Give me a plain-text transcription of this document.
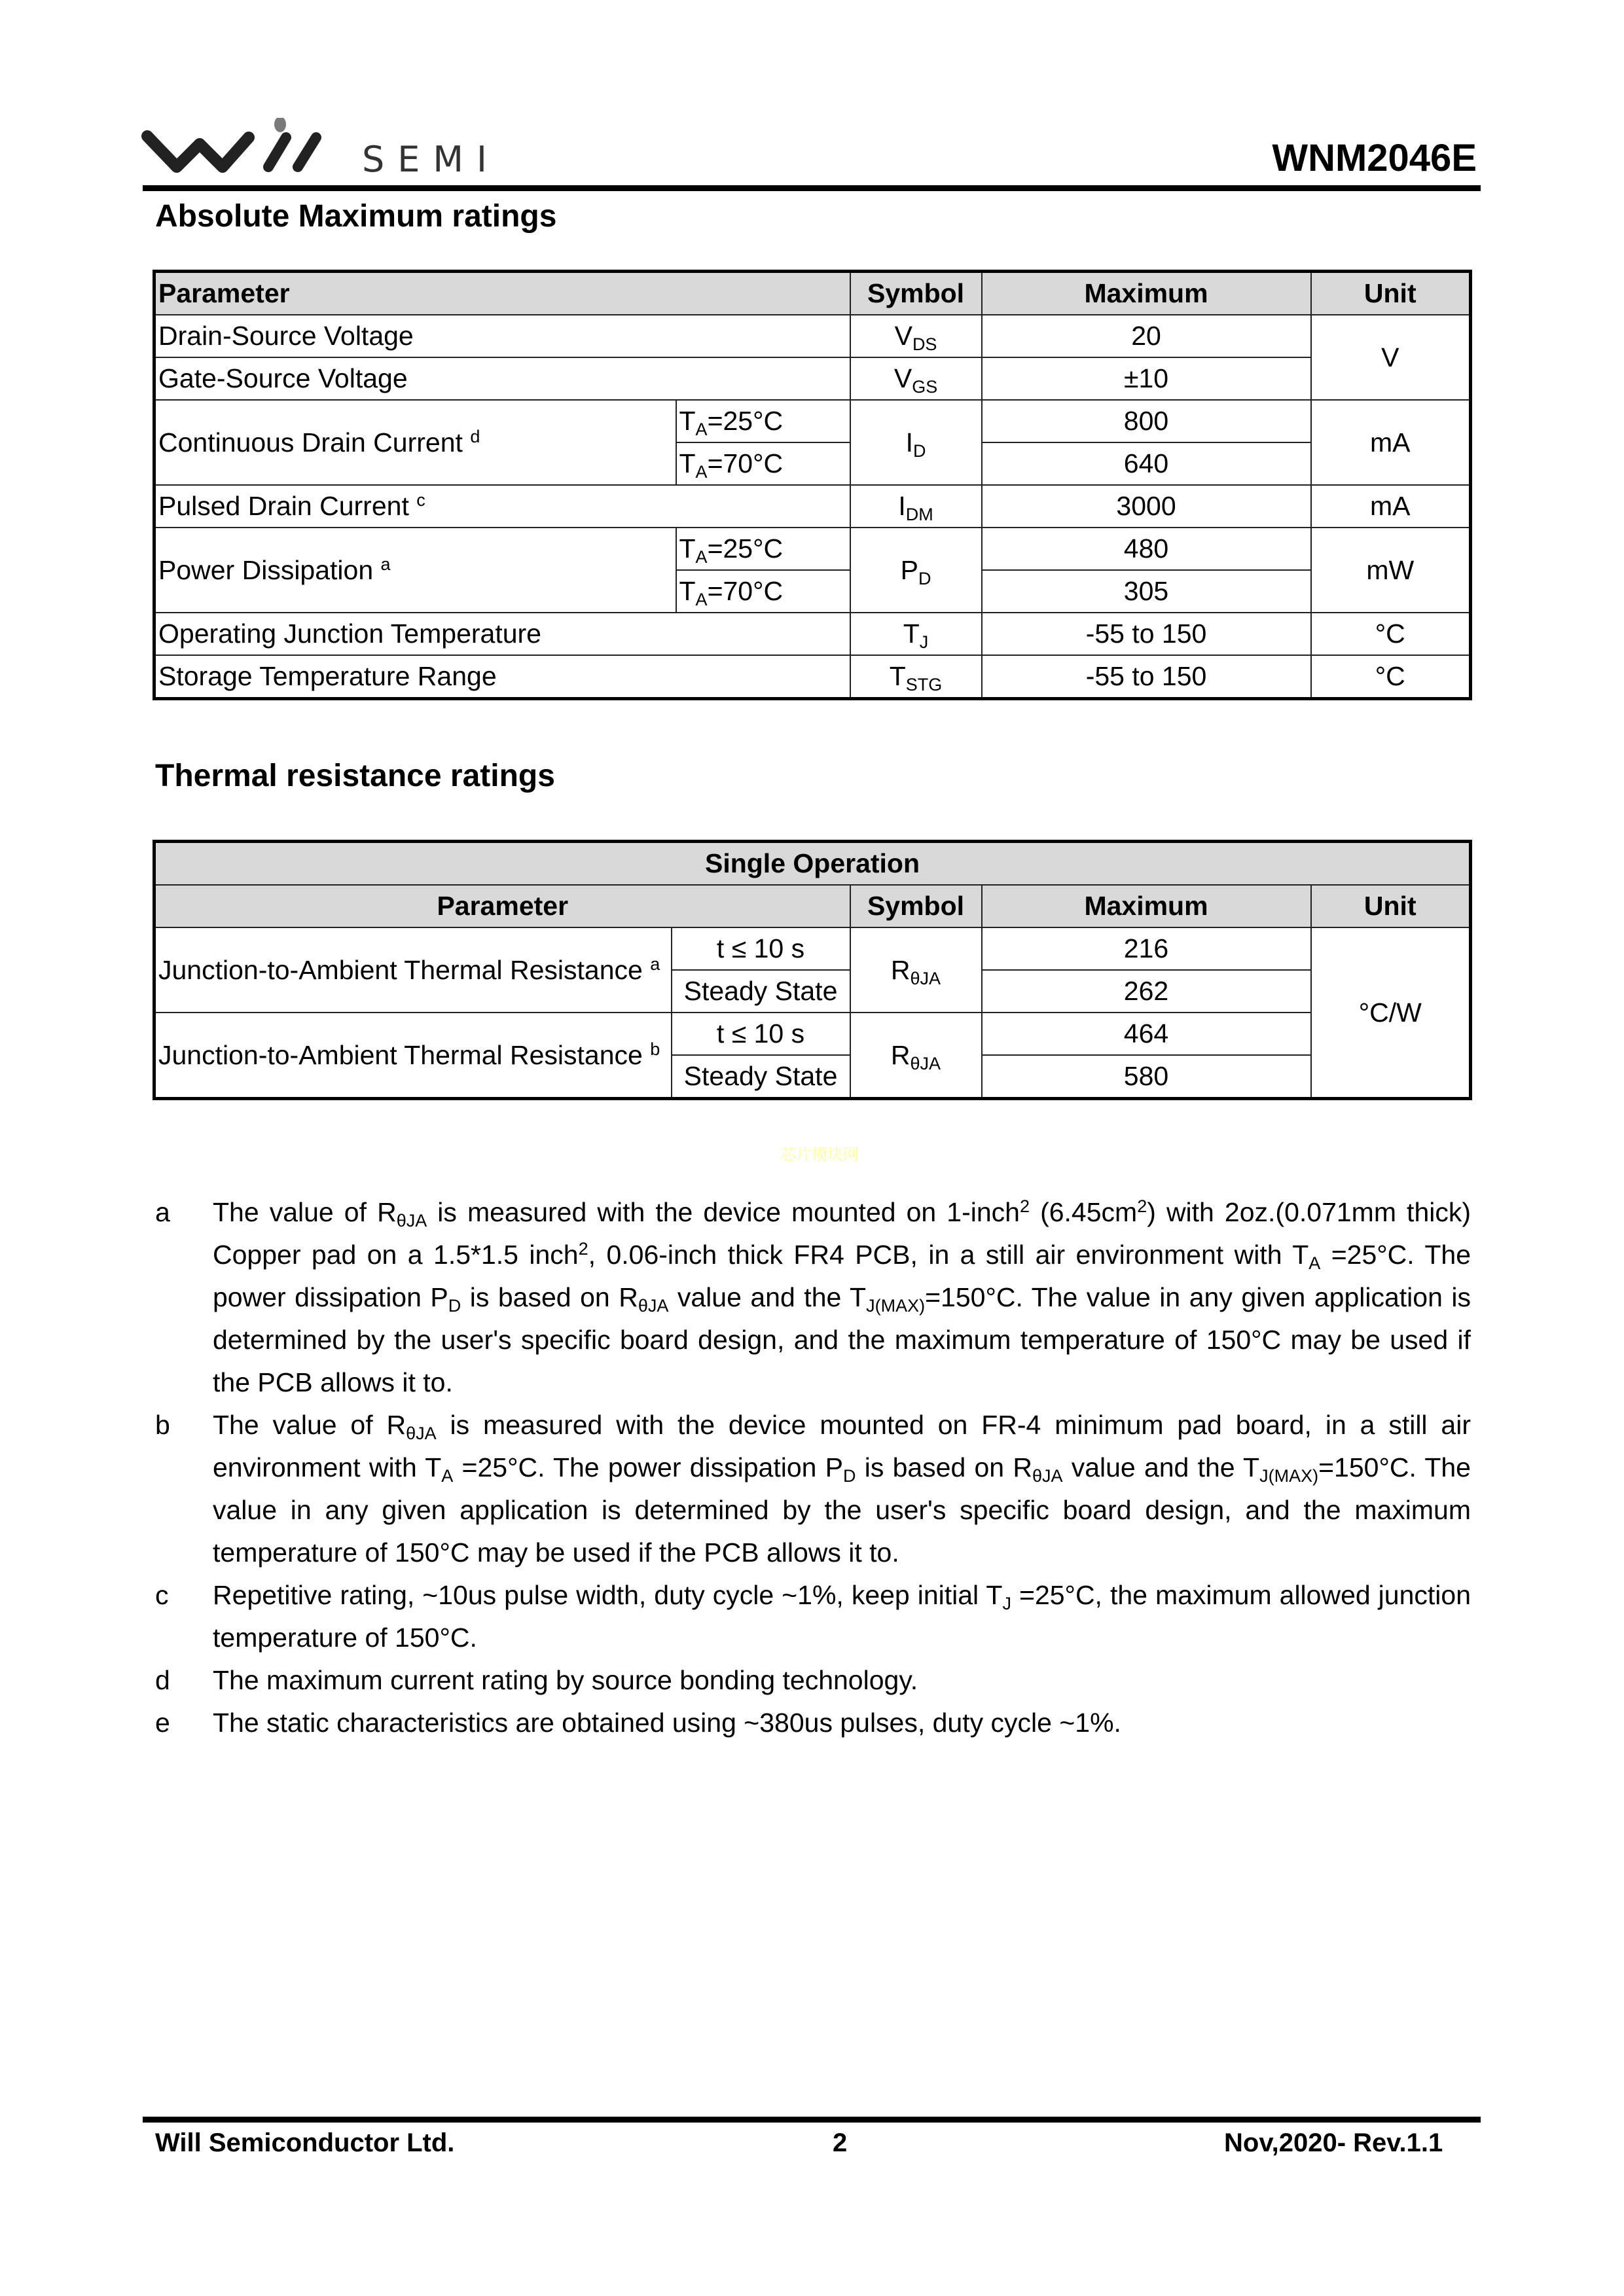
SEMI	WNM2046E
Absolute Maximum ratings
Parameter		Symbol	Maximum	Unit
Drain-Source Voltage		$V_{DS}$	20	V
Gate-Source Voltage		$V_{GS}$	±10	
Continuous Drain Current $^d$	$T_A=25^\circ C$	$I_D$	800	mA
	$T_A=70^\circ C$		640	
Pulsed Drain Current $^c$		$I_{DM}$	3000	mA
Power Dissipation $^a$	$T_A=25^\circ C$	$P_D$	480	mW
	$T_A=70^\circ C$		305	
Operating Junction Temperature		$T_J$	-55 to 150	°C
Storage Temperature Range		$T_{STG}$	-55 to 150	°C
Thermal resistance ratings
Single Operation				
Parameter		Symbol	Maximum	Unit
Junction-to-Ambient Thermal Resistance $^a$	t ≤ 10 s	$R_{\theta JA}$	216	°C/W
	Steady State		262	
Junction-to-Ambient Thermal Resistance $^b$	t ≤ 10 s	$R_{\theta JA}$	464	
	Steady State		580	
芯片模块网
a	The value of $R_{\theta JA}$ is measured with the device mounted on 1-inch$^2$ $(6.45cm^2)$ with 2oz.(0.071mm thick) Copper pad on a 1.5*1.5 inch$^2$, 0.06-inch thick FR4 PCB, in a still air environment with $T_A =25^\circ C$. The power dissipation $P_D$ is based on $R_{\theta JA}$ value and the $T_{J(MAX)}=150^\circ C$. The value in any given application is determined by the user's specific board design, and the maximum temperature of 150°C may be used if the PCB allows it to.
b	The value of $R_{\theta JA}$ is measured with the device mounted on FR-4 minimum pad board, in a still air environment with $T_A =25^\circ C$. The power dissipation $P_D$ is based on $R_{\theta JA}$ value and the $T_{J(MAX)}=150^\circ C$. The value in any given application is determined by the user's specific board design, and the maximum temperature of 150°C may be used if the PCB allows it to.
c	Repetitive rating, ~10us pulse width, duty cycle ~1%, keep initial $T_J =25^\circ C$, the maximum allowed junction temperature of 150°C.
d	The maximum current rating by source bonding technology.
e	The static characteristics are obtained using ~380us pulses, duty cycle ~1%.
Will Semiconductor Ltd.	2	Nov,2020- Rev.1.1
